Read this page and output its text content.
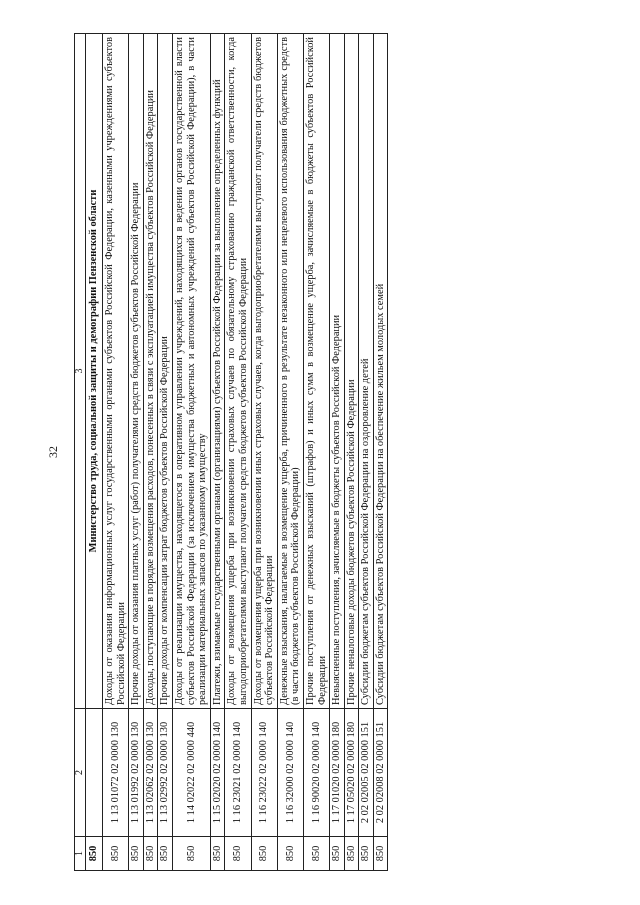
32
1	2	3
850		Министерство труда, социальной защиты и демографии Пензенской области
850	1 13 01072 02 0000 130	Доходы от оказания информационных услуг государственными органами субъектов Российской Федерации, казенными учреждениями субъектов Российской Федерации
850	1 13 01992 02 0000 130	Прочие доходы от оказания платных услуг (работ) получателями средств бюджетов субъектов Российской Федерации
850	1 13 02062 02 0000 130	Доходы, поступающие в порядке возмещения расходов, понесенных в связи с эксплуатацией имущества субъектов Российской Федерации
850	1 13 02992 02 0000 130	Прочие доходы от компенсации затрат бюджетов субъектов Российской Федерации
850	1 14 02022 02 0000 440	Доходы от реализации имущества, находящегося в оперативном управлении учреждений, находящихся в ведении органов государственной власти субъектов Российской Федерации (за исключением имущества бюджетных и автономных учреждений субъектов Российской Федерации), в части реализации материальных запасов по указанному имуществу
850	1 15 02020 02 0000 140	Платежи, взимаемые государственными органами (организациями) субъектов Российской Федерации за выполнение определенных функций
850	1 16 23021 02 0000 140	Доходы от возмещения ущерба при возникновении страховых случаев по обязательному страхованию гражданской ответственности, когда выгодоприобретателями выступают получатели средств бюджетов субъектов Российской Федерации
850	1 16 23022 02 0000 140	Доходы от возмещения ущерба при возникновении иных страховых случаев, когда выгодоприобретателями выступают получатели средств бюджетов субъектов Российской Федерации
850	1 16 32000 02 0000 140	Денежные взыскания, налагаемые в возмещение ущерба, причиненного в результате незаконного или нецелевого использования бюджетных средств (в части бюджетов субъектов Российской Федерации)
850	1 16 90020 02 0000 140	Прочие поступления от денежных взысканий (штрафов) и иных сумм в возмещение ущерба, зачисляемые в бюджеты субъектов Российской Федерации
850	1 17 01020 02 0000 180	Невыясненные поступления, зачисляемые в бюджеты субъектов Российской Федерации
850	1 17 05020 02 0000 180	Прочие неналоговые доходы бюджетов субъектов Российской Федерации
850	2 02 02005 02 0000 151	Субсидии бюджетам субъектов Российской Федерации на оздоровление детей
850	2 02 02008 02 0000 151	Субсидии бюджетам субъектов Российской Федерации на обеспечение жильем молодых семей
